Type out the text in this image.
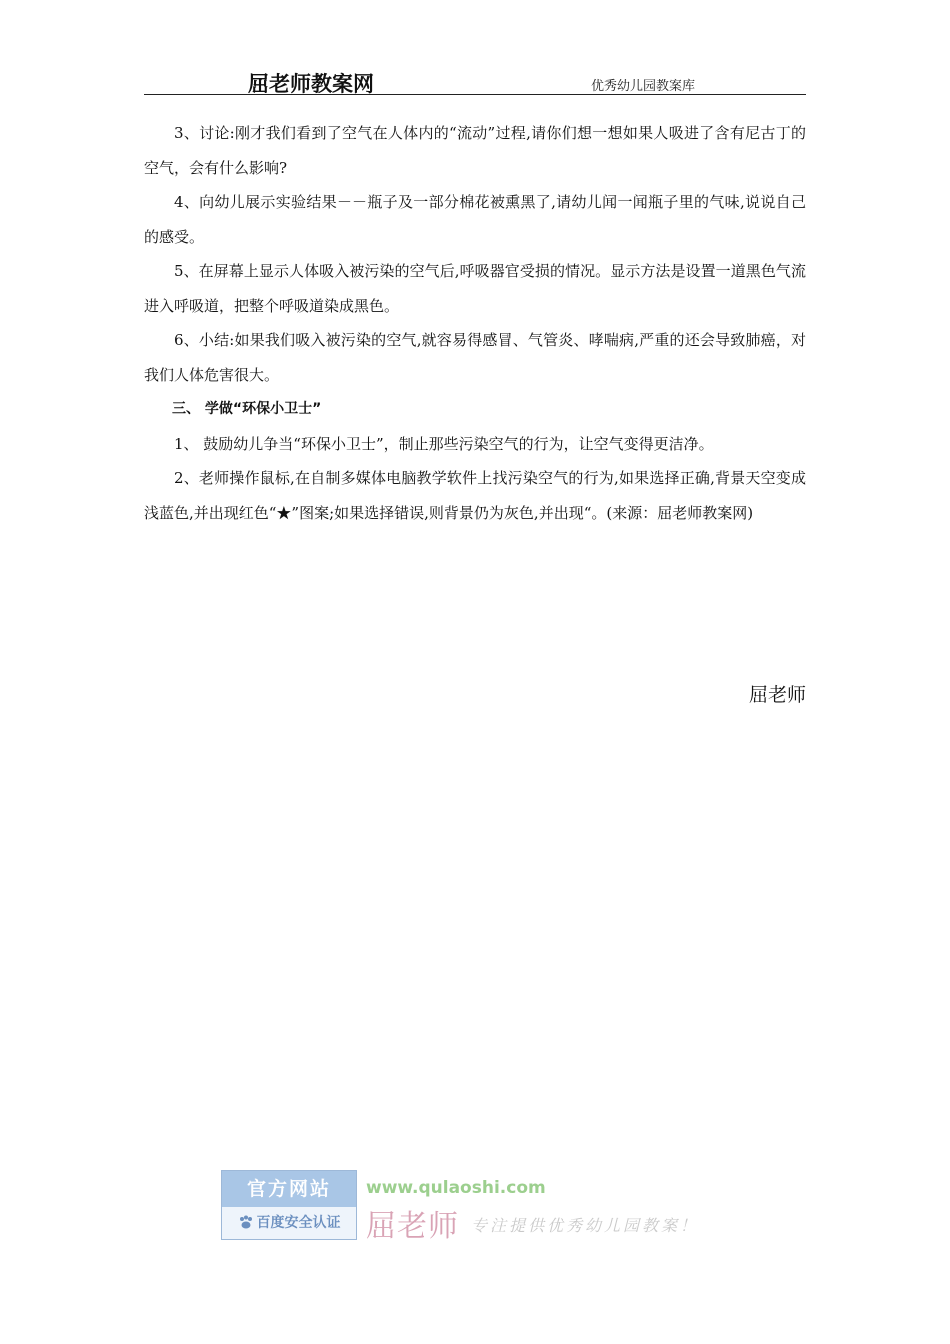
屈老师教案网	优秀幼儿园教案库

3、讨论:刚才我们看到了空气在人体内的“流动”过程,请你们想一想如果人吸进了含有尼古丁的空气，会有什么影响?

4、向幼儿展示实验结果－－瓶子及一部分棉花被熏黑了,请幼儿闻一闻瓶子里的气味,说说自己的感受。

5、在屏幕上显示人体吸入被污染的空气后,呼吸器官受损的情况。显示方法是设置一道黑色气流进入呼吸道，把整个呼吸道染成黑色。

6、小结:如果我们吸入被污染的空气,就容易得感冒、气管炎、哮喘病,严重的还会导致肺癌，对我们人体危害很大。

三、 学做“环保小卫士”

1、 鼓励幼儿争当“环保小卫士”，制止那些污染空气的行为，让空气变得更洁净。

2、老师操作鼠标,在自制多媒体电脑教学软件上找污染空气的行为,如果选择正确,背景天空变成浅蓝色,并出现红色“★”图案;如果选择错误,则背景仍为灰色,并出现“。(来源：屈老师教案网)

屈老师
官方网站
百度安全认证
www.qulaoshi.com
屈老师 专注提供优秀幼儿园教案！
